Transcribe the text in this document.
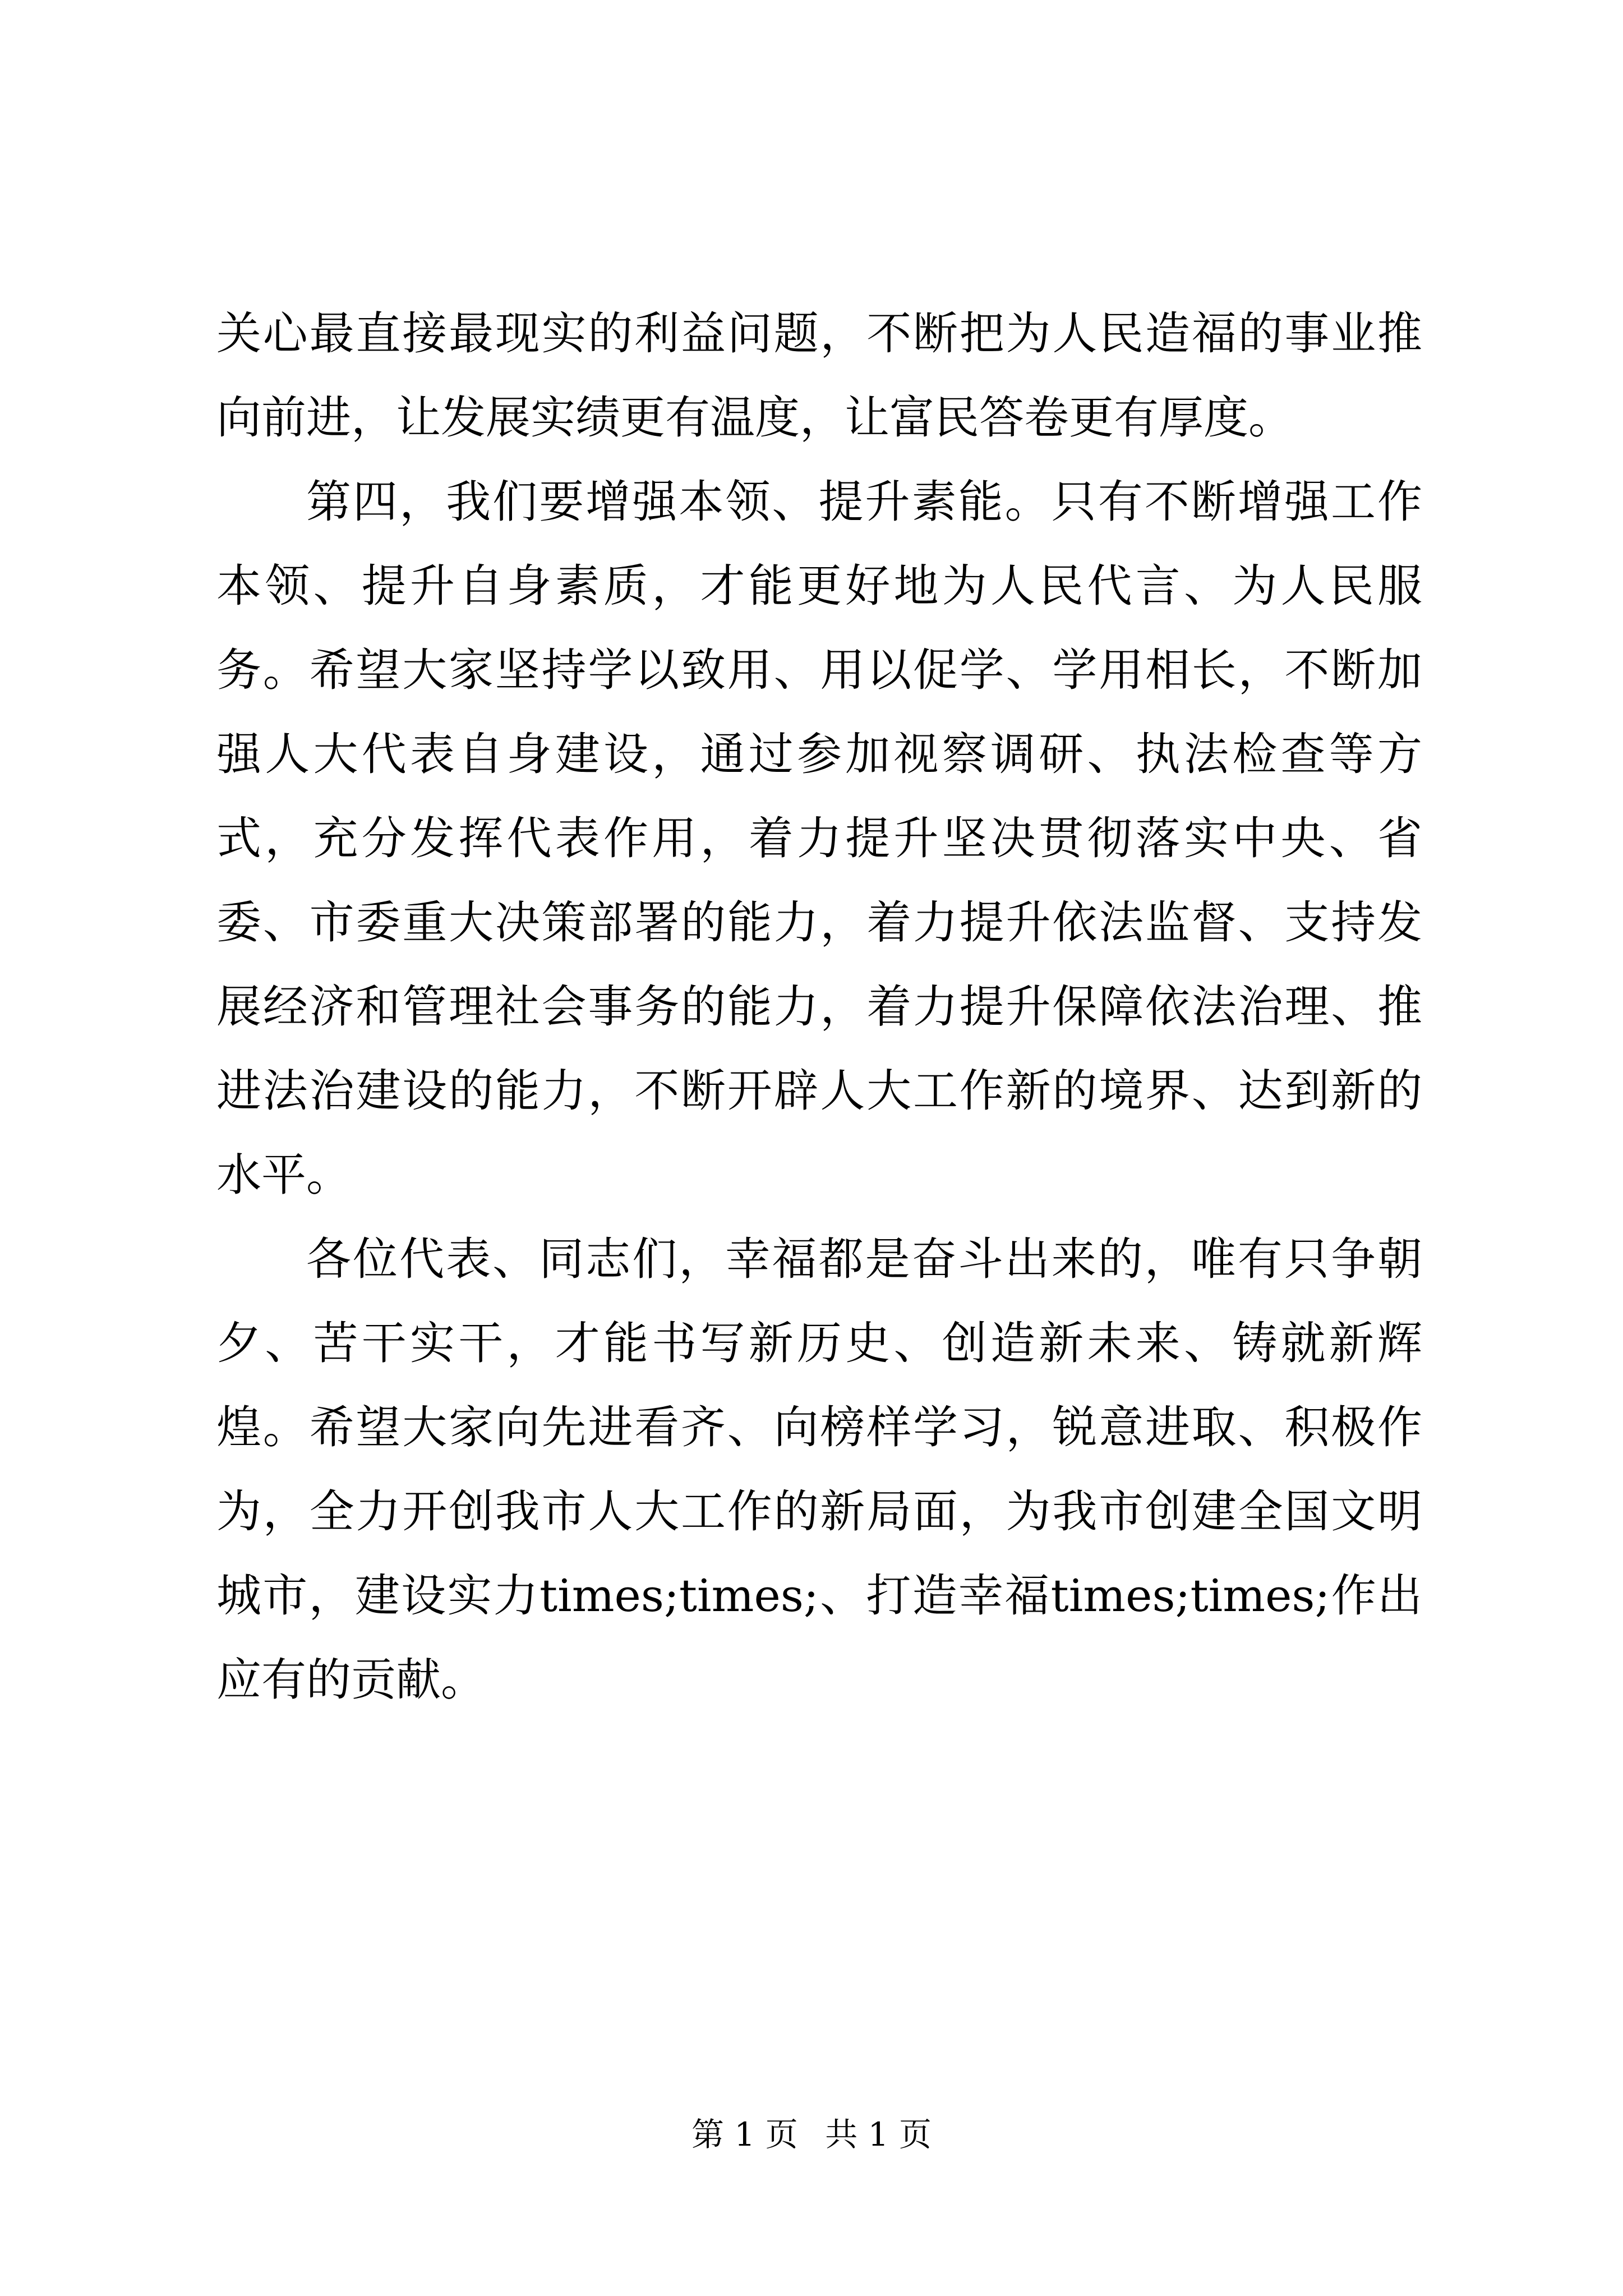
关心最直接最现实的利益问题，不断把为人民造福的事业推向前进，让发展实绩更有温度，让富民答卷更有厚度。

第四，我们要增强本领、提升素能。只有不断增强工作本领、提升自身素质，才能更好地为人民代言、为人民服务。希望大家坚持学以致用、用以促学、学用相长，不断加强人大代表自身建设，通过参加视察调研、执法检查等方式，充分发挥代表作用，着力提升坚决贯彻落实中央、省委、市委重大决策部署的能力，着力提升依法监督、支持发展经济和管理社会事务的能力，着力提升保障依法治理、推进法治建设的能力，不断开辟人大工作新的境界、达到新的水平。

各位代表、同志们，幸福都是奋斗出来的，唯有只争朝夕、苦干实干，才能书写新历史、创造新未来、铸就新辉煌。希望大家向先进看齐、向榜样学习，锐意进取、积极作为，全力开创我市人大工作的新局面，为我市创建全国文明城市，建设实力times;times;、打造幸福times;times;作出应有的贡献。

第 1 页 共 1 页
